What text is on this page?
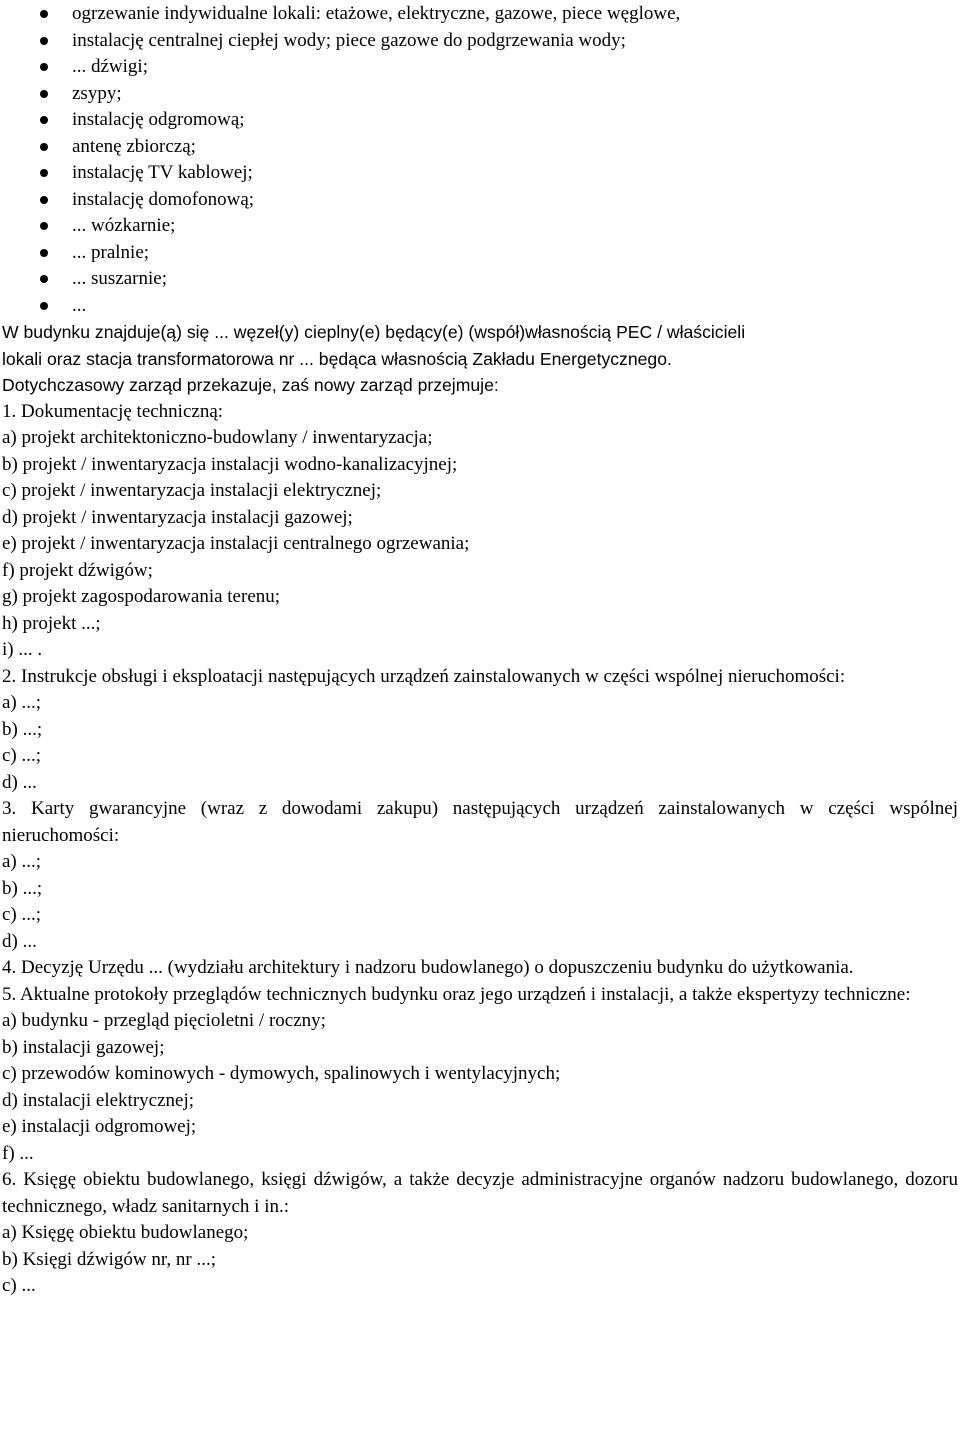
ogrzewanie indywidualne lokali: etażowe, elektryczne, gazowe, piece węglowe,
instalację centralnej ciepłej wody; piece gazowe do podgrzewania wody;
... dźwigi;
zsypy;
instalację odgromową;
antenę zbiorczą;
instalację TV kablowej;
instalację domofonową;
... wózkarnie;
... pralnie;
... suszarnie;
...

W budynku znajduje(ą) się ... węzeł(y) cieplny(e) będący(e) (współ)własnością PEC / właścicieli

lokali oraz stacja transformatorowa nr ... będąca własnością Zakładu Energetycznego.

Dotychczasowy zarząd przekazuje, zaś nowy zarząd przejmuje:

1. Dokumentację techniczną:

a) projekt architektoniczno-budowlany / inwentaryzacja;

b) projekt / inwentaryzacja instalacji wodno-kanalizacyjnej;

c) projekt / inwentaryzacja instalacji elektrycznej;

d) projekt / inwentaryzacja instalacji gazowej;

e) projekt / inwentaryzacja instalacji centralnego ogrzewania;

f) projekt dźwigów;

g) projekt zagospodarowania terenu;

h) projekt ...;

i) ... .

2. Instrukcje obsługi i eksploatacji następujących urządzeń zainstalowanych w części wspólnej nieruchomości:

a) ...;

b) ...;

c) ...;

d) ...

3. Karty gwarancyjne (wraz z dowodami zakupu) następujących urządzeń zainstalowanych w części wspólnej nieruchomości:

a) ...;

b) ...;

c) ...;

d) ...

4. Decyzję Urzędu ... (wydziału architektury i nadzoru budowlanego) o dopuszczeniu budynku do użytkowania.

5. Aktualne protokoły przeglądów technicznych budynku oraz jego urządzeń i instalacji, a także ekspertyzy techniczne:

a) budynku - przegląd pięcioletni / roczny;

b) instalacji gazowej;

c) przewodów kominowych - dymowych, spalinowych i wentylacyjnych;

d) instalacji elektrycznej;

e) instalacji odgromowej;

f) ...

6. Księgę obiektu budowlanego, księgi dźwigów, a także decyzje administracyjne organów nadzoru budowlanego, dozoru technicznego, władz sanitarnych i in.:

a) Księgę obiektu budowlanego;

b) Księgi dźwigów nr, nr ...;

c) ...
